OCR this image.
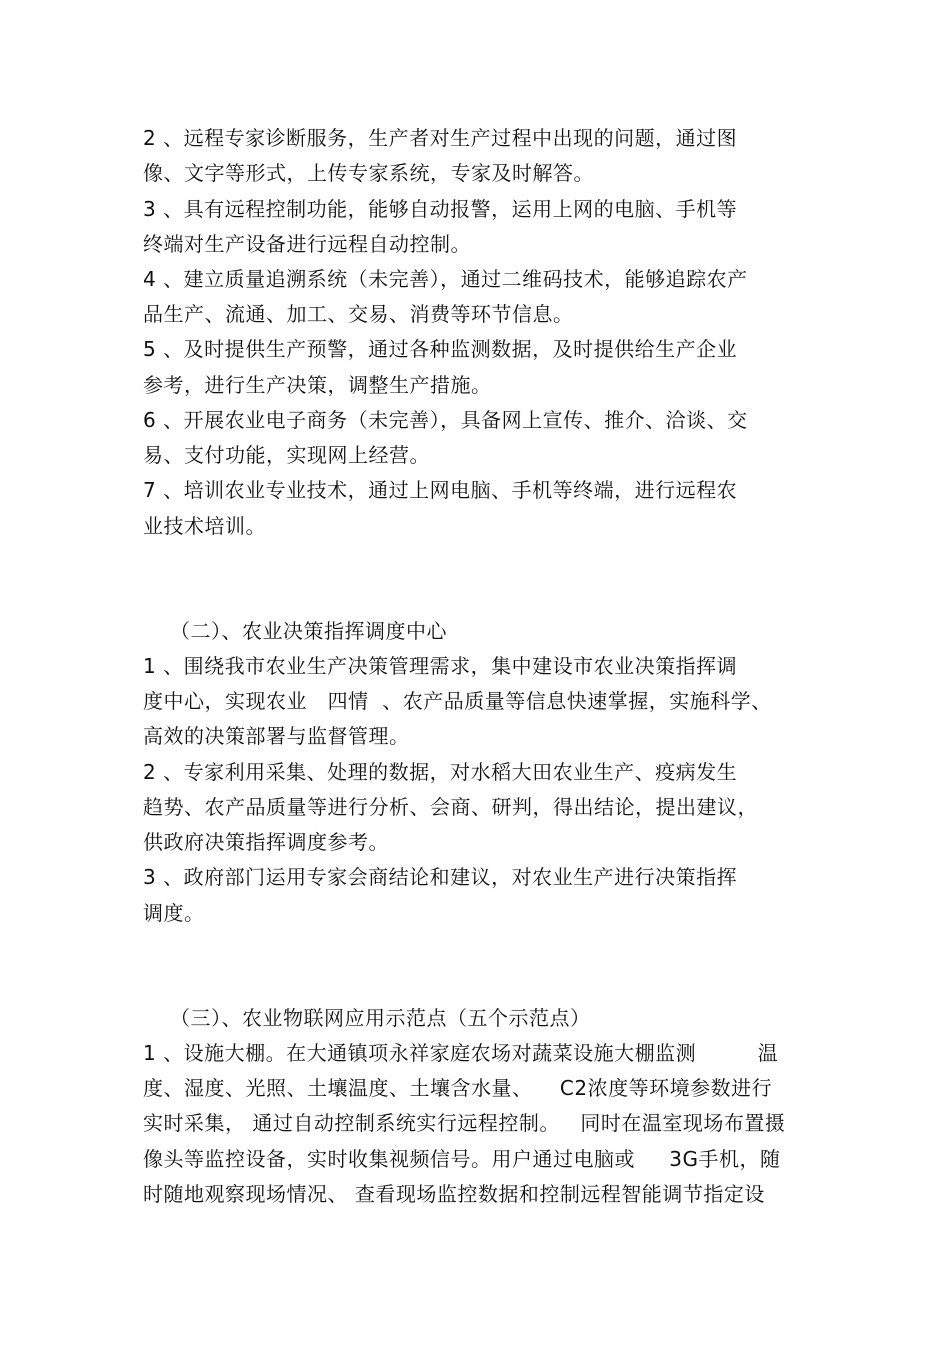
2 、远程专家诊断服务，生产者对生产过程中出现的问题，通过图
像、文字等形式，上传专家系统，专家及时解答。
3 、具有远程控制功能，能够自动报警，运用上网的电脑、手机等
终端对生产设备进行远程自动控制。
4 、建立质量追溯系统（未完善），通过二维码技术，能够追踪农产
品生产、流通、加工、交易、消费等环节信息。
5 、及时提供生产预警，通过各种监测数据，及时提供给生产企业
参考，进行生产决策，调整生产措施。
6 、开展农业电子商务（未完善），具备网上宣传、推介、洽谈、交
易、支付功能，实现网上经营。
7 、培训农业专业技术，通过上网电脑、手机等终端，进行远程农
业技术培训。
（二）、农业决策指挥调度中心
1 、围绕我市农业生产决策管理需求，集中建设市农业决策指挥调
度中心，实现农业   四情  、农产品质量等信息快速掌握，实施科学、
高效的决策部署与监督管理。
2 、专家利用采集、处理的数据，对水稻大田农业生产、疫病发生
趋势、农产品质量等进行分析、会商、研判，得出结论，提出建议，
供政府决策指挥调度参考。
3 、政府部门运用专家会商结论和建议，对农业生产进行决策指挥
调度。
（三）、农业物联网应用示范点（五个示范点）
1 、设施大棚。在大通镇项永祥家庭农场对蔬菜设施大棚监测         温
度、湿度、光照、土壤温度、土壤含水量、    C2浓度等环境参数进行
实时采集， 通过自动控制系统实行远程控制。   同时在温室现场布置摄
像头等监控设备，实时收集视频信号。用户通过电脑或     3G手机，随
时随地观察现场情况、 查看现场监控数据和控制远程智能调节指定设
